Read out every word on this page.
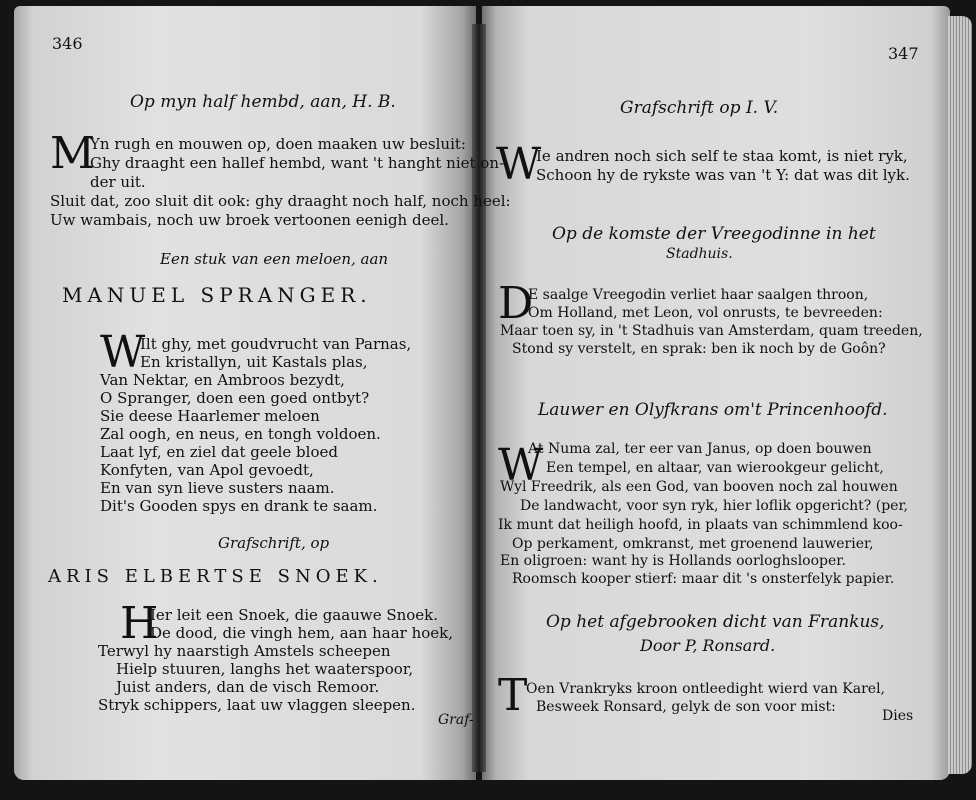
346
Op myn half hembd, aan, H. B.
M
Yn rugh en mouwen op, doen maaken uw besluit:
Ghy draaght een hallef hembd, want 't hanght niet on-
der uit.
Sluit dat, zoo sluit dit ook: ghy draaght noch half, noch heel:
Uw wambais, noch uw broek vertoonen eenigh deel.
Een stuk van een meloen, aan
MANUEL SPRANGER.
W
Ilt ghy, met goudvrucht van Parnas,
En kristallyn, uit Kastals plas,
Van Nektar, en Ambroos bezydt,
O Spranger, doen een goed ontbyt?
Sie deese Haarlemer meloen
Zal oogh, en neus, en tongh voldoen.
Laat lyf, en ziel dat geele bloed
Konfyten, van Apol gevoedt,
En van syn lieve susters naam.
Dit's Gooden spys en drank te saam.
Grafschrift, op
ARIS ELBERTSE SNOEK.
H
Ier leit een Snoek, die gaauwe Snoek.
De dood, die vingh hem, aan haar hoek,
Terwyl hy naarstigh Amstels scheepen
Hielp stuuren, langhs het waaterspoor,
Juist anders, dan de visch Remoor.
Stryk schippers, laat uw vlaggen sleepen.
Graf-
347
Grafschrift op I. V.
W
Ie andren noch sich self te staa komt, is niet ryk,
Schoon hy de rykste was van 't Y: dat was dit lyk.
Op de komste der Vreegodinne in het
Stadhuis.
D
E saalge Vreegodin verliet haar saalgen throon,
Om Holland, met Leon, vol onrusts, te bevreeden:
Maar toen sy, in 't Stadhuis van Amsterdam, quam treeden,
Stond sy verstelt, en sprak: ben ik noch by de Goôn?
Lauwer en Olyfkrans om't Princenhoofd.
W
At Numa zal, ter eer van Janus, op doen bouwen
Een tempel, en altaar, van wierookgeur gelicht,
Wyl Freedrik, als een God, van booven noch zal houwen
De landwacht, voor syn ryk, hier loflik opgericht? (per,
Ik munt dat heiligh hoofd, in plaats van schimmlend koo-
Op perkament, omkranst, met groenend lauwerier,
En oligroen: want hy is Hollands oorloghslooper.
Roomsch kooper stierf: maar dit 's onsterfelyk papier.
Op het afgebrooken dicht van Frankus,
Door P, Ronsard.
T
Oen Vrankryks kroon ontleedight wierd van Karel,
Besweek Ronsard, gelyk de son voor mist:
Dies
